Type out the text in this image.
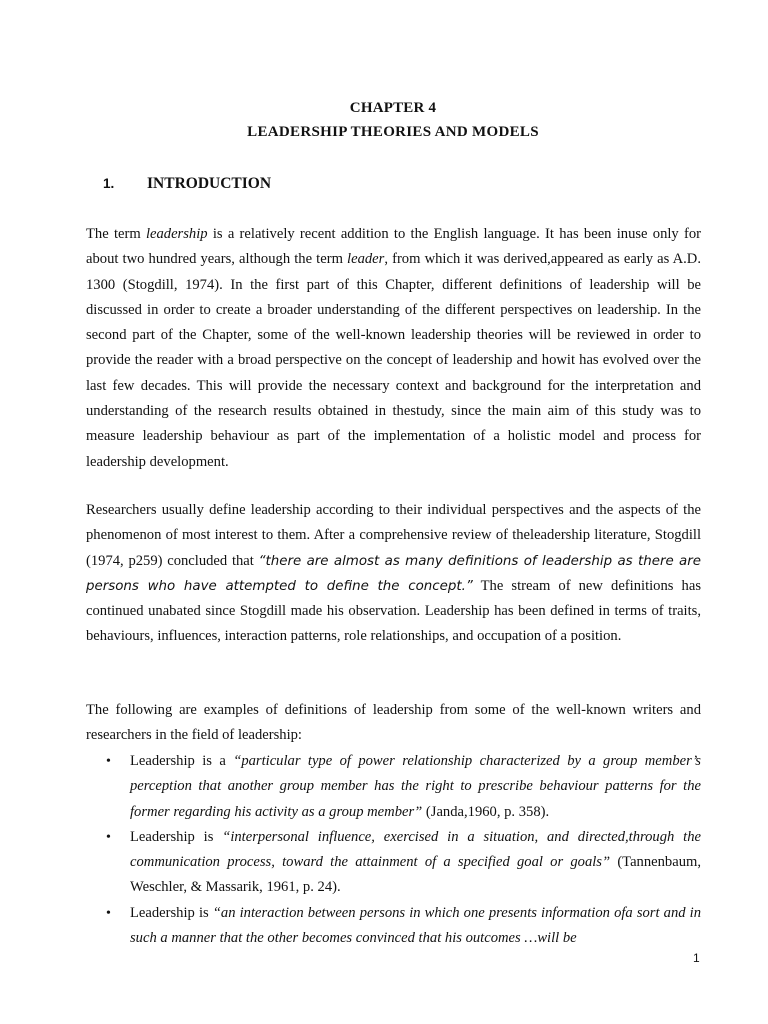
CHAPTER 4
LEADERSHIP THEORIES AND MODELS
1. INTRODUCTION

The term leadership is a relatively recent addition to the English language. It has been inuse only for about two hundred years, although the term leader, from which it was derived,appeared as early as A.D. 1300 (Stogdill, 1974). In the first part of this Chapter, different definitions of leadership will be discussed in order to create a broader understanding of the different perspectives on leadership. In the second part of the Chapter, some of the well-known leadership theories will be reviewed in order to provide the reader with a broad perspective on the concept of leadership and howit has evolved over the last few decades. This will provide the necessary context and background for the interpretation and understanding of the research results obtained in thestudy, since the main aim of this study was to measure leadership behaviour as part of the implementation of a holistic model and process for leadership development.

Researchers usually define leadership according to their individual perspectives and the aspects of the phenomenon of most interest to them. After a comprehensive review of theleadership literature, Stogdill (1974, p259) concluded that “there are almost as many definitions of leadership as there are persons who have attempted to define the concept.” The stream of new definitions has continued unabated since Stogdill made his observation. Leadership has been defined in terms of traits, behaviours, influences, interaction patterns, role relationships, and occupation of a position.

The following are examples of definitions of leadership from some of the well-known writers and researchers in the field of leadership:

• Leadership is a “particular type of power relationship characterized by a group member’s perception that another group member has the right to prescribe behaviour patterns for the former regarding his activity as a group member” (Janda,1960, p. 358).
• Leadership is “interpersonal influence, exercised in a situation, and directed,through the communication process, toward the attainment of a specified goal or goals” (Tannenbaum, Weschler, & Massarik, 1961, p. 24).
• Leadership is “an interaction between persons in which one presents information ofa sort and in such a manner that the other becomes convinced that his outcomes …will be
1
